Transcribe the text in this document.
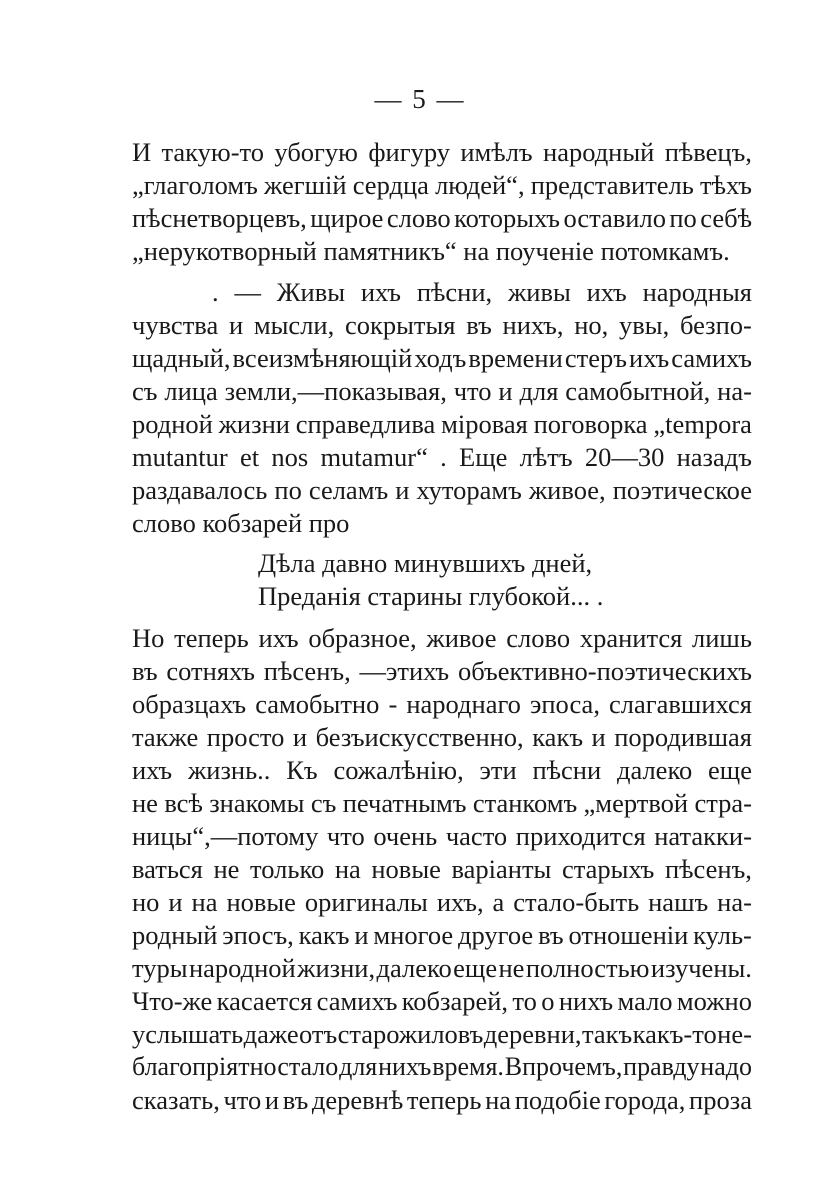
— 5 —
И такую-то убогую фигуру имѣлъ народный пѣвецъ,
„глаголомъ жегшій сердца людей“, представитель тѣхъ
пѣснетворцевъ, щирое слово которыхъ оставило по себѣ
„нерукотворный памятникъ“ на поученіе потомкамъ.
. — Живы ихъ пѣсни, живы ихъ народныя
чувства и мысли, сокрытыя въ нихъ, но, увы, безпо-
щадный, всеизмѣняющій ходъ времени стеръ ихъ самихъ
съ лица земли,—показывая, что и для самобытной, на-
родной жизни справедлива міровая поговорка „tempora
mutantur et nos mutamur“ . Еще лѣтъ 20—30 назадъ
раздавалось по селамъ и хуторамъ живое, поэтическое
слово кобзарей про
Дѣла давно минувшихъ дней,
Преданія старины глубокой... .
Но теперь ихъ образное, живое слово хранится лишь
въ сотняхъ пѣсенъ, —этихъ объективно-поэтическихъ
образцахъ самобытно - народнаго эпоса, слагавшихся
также просто и безъискусственно, какъ и породившая
ихъ жизнь.. Къ сожалѣнію, эти пѣсни далеко еще
не всѣ знакомы съ печатнымъ станкомъ „мертвой стра-
ницы“,—потому что очень часто приходится натакки-
ваться не только на новые варіанты старыхъ пѣсенъ,
но и на новые оригиналы ихъ, а стало-быть нашъ на-
родный эпосъ, какъ и многое другое въ отношеніи куль-
туры народной жизни, далеко еще не полностью изучены.
Что-же касается самихъ кобзарей, то о нихъ мало можно
услышать даже отъ старожиловъ деревни, такъ какъ-то не-
благопріятно стало для нихъ время. Впрочемъ, правду надо
сказать, что и въ деревнѣ теперь на подобіе города, проза
